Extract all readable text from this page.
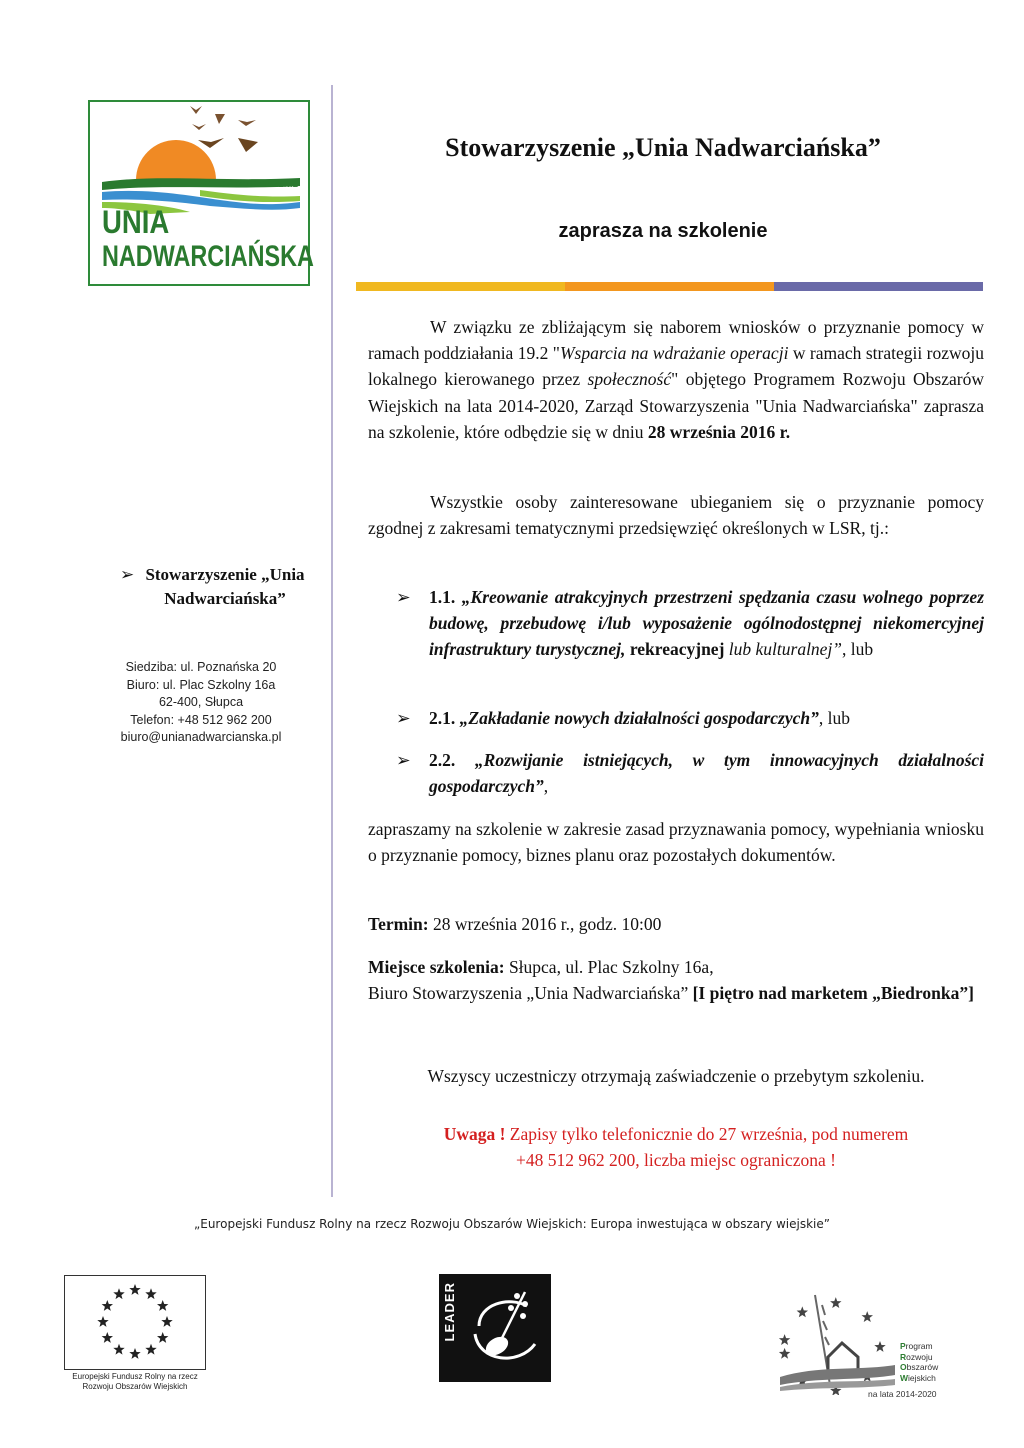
STOWARZYSZENIE
UNIA
NADWARCIAŃSKA
Stowarzyszenie „Unia Nadwarciańska”
zaprasza na szkolenie
➢ Stowarzyszenie „Unia Nadwarciańska”
Siedziba: ul. Poznańska 20
Biuro: ul. Plac Szkolny 16a
62-400, Słupca
Telefon: +48 512 962 200
biuro@unianadwarcianska.pl
W związku ze zbliżającym się naborem wniosków o przyznanie pomocy w ramach poddziałania 19.2 "Wsparcia na wdrażanie operacji w ramach strategii rozwoju lokalnego kierowanego przez społeczność" objętego Programem Rozwoju Obszarów Wiejskich na lata 2014-2020, Zarząd Stowarzyszenia "Unia Nadwarciańska" zaprasza na szkolenie, które odbędzie się w dniu 28 września 2016 r.
Wszystkie osoby zainteresowane ubieganiem się o przyznanie pomocy zgodnej z zakresami tematycznymi przedsięwzięć określonych w LSR, tj.:
➢	1.1. „Kreowanie atrakcyjnych przestrzeni spędzania czasu wolnego poprzez budowę, przebudowę i/lub wyposażenie ogólnodostępnej niekomercyjnej infrastruktury turystycznej, rekreacyjnej lub kulturalnej”, lub
➢	2.1. „Zakładanie nowych działalności gospodarczych”, lub
➢	2.2. „Rozwijanie istniejących, w tym innowacyjnych działalności gospodarczych”,
zapraszamy na szkolenie w zakresie zasad przyznawania pomocy, wypełniania wniosku o przyznanie pomocy, biznes planu oraz pozostałych dokumentów.
Termin: 28 września 2016 r., godz. 10:00
Miejsce szkolenia: Słupca, ul. Plac Szkolny 16a,
Biuro Stowarzyszenia „Unia Nadwarciańska” [I piętro nad marketem „Biedronka”]
Wszyscy uczestniczy otrzymają zaświadczenie o przebytym szkoleniu.
Uwaga ! Zapisy tylko telefonicznie do 27 września, pod numerem
+48 512 962 200, liczba miejsc ograniczona !
„Europejski Fundusz Rolny na rzecz Rozwoju Obszarów Wiejskich: Europa inwestująca w obszary wiejskie”
Europejski Fundusz Rolny na rzecz
Rozwoju Obszarów Wiejskich
LEADER
Program
Rozwoju
Obszarów
Wiejskich
na lata 2014-2020
